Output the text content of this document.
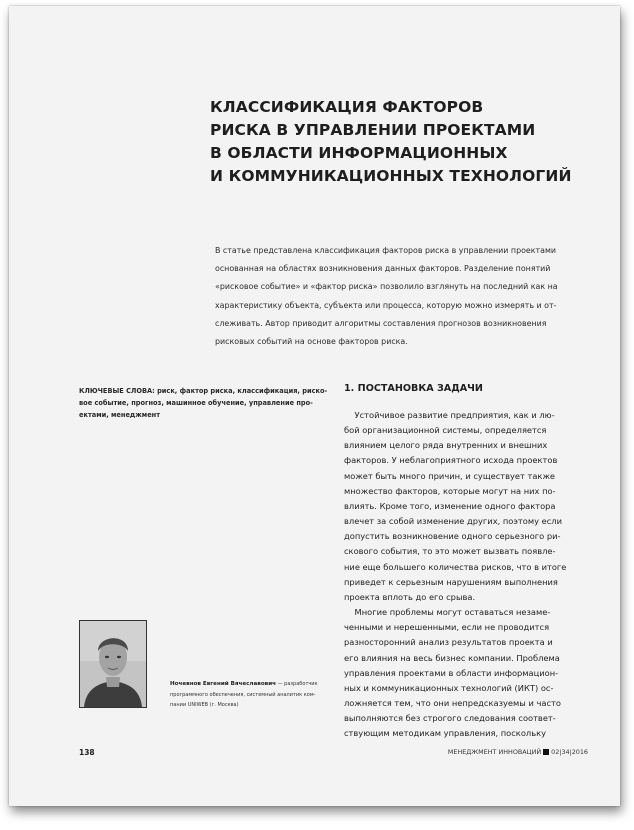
КЛАССИФИКАЦИЯ ФАКТОРОВ
РИСКА В УПРАВЛЕНИИ ПРОЕКТАМИ
В ОБЛАСТИ ИНФОРМАЦИОННЫХ
И КОММУНИКАЦИОННЫХ ТЕХНОЛОГИЙ
В статье представлена классификация факторов риска в управлении проектами
основанная на областях возникновения данных факторов. Разделение понятий
«рисковое событие» и «фактор риска» позволило взглянуть на последний как на
характеристику объекта, субъекта или процесса, которую можно измерять и от-
слеживать. Автор приводит алгоритмы составления прогнозов возникновения
рисковых событий на основе факторов риска.
КЛЮЧЕВЫЕ СЛОВА: риск, фактор риска, классификация, риско-
вое событие, прогноз, машинное обучение, управление про-
ектами, менеджмент
1. ПОСТАНОВКА ЗАДАЧИ
Устойчивое развитие предприятия, как и лю-
бой организационной системы, определяется
влиянием целого ряда внутренних и внешних
факторов. У неблагоприятного исхода проектов
может быть много причин, и существует также
множество факторов, которые могут на них по-
влиять. Кроме того, изменение одного фактора
влечет за собой изменение других, поэтому если
допустить возникновение одного серьезного ри-
скового события, то это может вызвать появле-
ние еще большего количества рисков, что в итоге
приведет к серьезным нарушениям выполнения
проекта вплоть до его срыва.
Многие проблемы могут оставаться незаме-
ченными и нерешенными, если не проводится
разносторонний анализ результатов проекта и
его влияния на весь бизнес компании. Проблема
управления проектами в области информацион-
ных и коммуникационных технологий (ИКТ) ос-
ложняется тем, что они непредсказуемы и часто
выполняются без строгого следования соответ-
ствующим методикам управления, поскольку
Ночевнов Евгений Вячеславович — разработчик
программного обеспечения, системный аналитик ком-
пании UNIWEB (г. Москва)
138	МЕНЕДЖМЕНТ ИННОВАЦИЙ 02|34|2016
